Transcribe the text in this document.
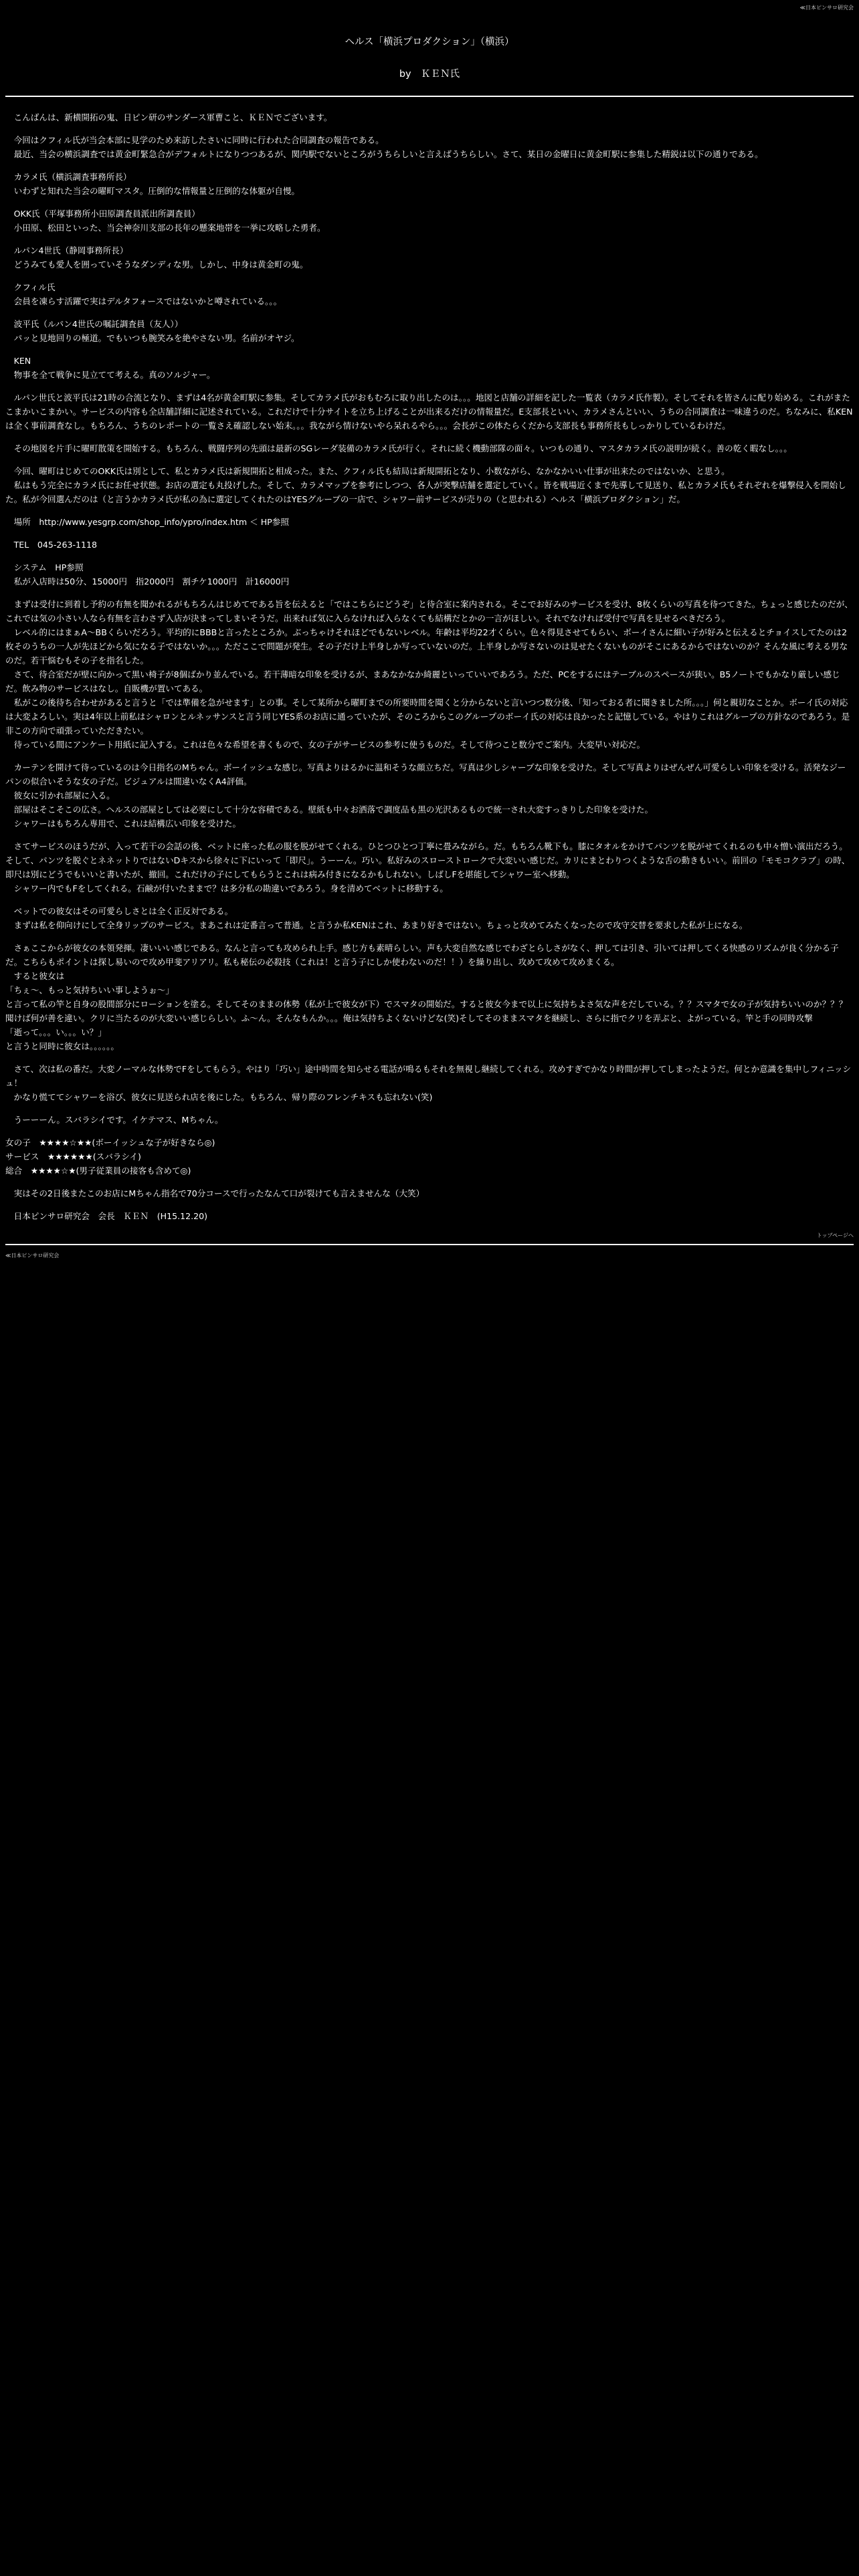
≪日本ピンサロ研究会
ヘルス「横浜プロダクション」（横浜）
by　ＫＥＮ氏

　こんばんは、新横開拓の鬼、日ピン研のサンダース軍曹こと、ＫＥＮでございます。

　今回はクフィル氏が当会本部に見学のため来訪したさいに同時に行われた合同調査の報告である。
　最近、当会の横浜調査では黄金町緊急合がデフォルトになりつつあるが、関内駅でないところがうちらしいと言えばうちらしい。さて、某日の金曜日に黄金町駅に参集した精鋭は以下の通りである。

　カラメ氏（横浜調査事務所長）
　いわずと知れた当会の曜町マスタ。圧倒的な情報量と圧倒的な体躯が自慢。

　OKK氏（平塚事務所小田原調査員派出所調査員）
　小田原、松田といった、当会神奈川支部の長年の懸案地帯を一挙に攻略した勇者。

　ルパン4世氏（静岡事務所長）
　どうみても愛人を囲っていそうなダンディな男。しかし、中身は黄金町の鬼。

　クフィル氏
　会員を凍らす活躍で実はデルタフォースではないかと噂されている。。。

　波平氏（ルパン4世氏の嘱託調査員（友人））
　パッと見地回りの極道。でもいつも腕笑みを絶やさない男。名前がオヤジ。

　KEN
　物事を全て戦争に見立てて考える。真のソルジャー。

　ルパン世氏と波平氏は21時の合流となり、まずは4名が黄金町駅に参集。そしてカラメ氏がおもむろに取り出したのは。。。地図と店舗の詳細を記した一覧表（カラメ氏作製）。そしてそれを皆さんに配り始める。これがまたこまかいこまかい。サービスの内容も全店舗詳細に記述されている。これだけで十分サイトを立ち上げることが出来るだけの情報量だ。E支部長といい、カラメさんといい、うちの合同調査は一味違うのだ。ちなみに、私KENは全く事前調査なし。もちろん、うちのレポートの一覧さえ確認しない始末。。。我ながら情けないやら呆れるやら。。。会長がこの体たらくだから支部長も事務所長もしっかりしているわけだ。

　その地図を片手に曜町散策を開始する。もちろん、戦闘序列の先頭は最新のSGレーダ装備のカラメ氏が行く。それに続く機動部隊の面々。いつもの通り、マスタカラメ氏の説明が続く。善の乾く暇なし。。。

　今回、曜町はじめてのOKK氏は別として、私とカラメ氏は新規開拓と相成った。また、クフィル氏も結局は新規開拓となり、小数ながら、なかなかいい仕事が出来たのではないか、と思う。
　私はもう完全にカラメ氏にお任せ状態。お店の選定も丸投げした。そして、カラメマップを参考にしつつ、各人が突撃店舗を選定していく。皆を戦場近くまで先導して見送り、私とカラメ氏もそれぞれを爆撃侵入を開始した。私が今回選んだのは（と言うかカラメ氏が私の為に選定してくれたのはYESグループの一店で、シャワー前サービスが売りの（と思われる）ヘルス「横浜プロダクション」だ。

　場所　http://www.yesgrp.com/shop_info/ypro/index.htm ＜ HP参照

　TEL　045-263-1118

　システム　HP参照
　私が入店時は50分、15000円　指2000円　割チケ1000円　計16000円

　まずは受付に到着し予約の有無を聞かれるがもちろんはじめてである旨を伝えると「ではこちらにどうぞ」と待合室に案内される。そこでお好みのサービスを受け、8枚くらいの写真を待つてきた。ちょっと感じたのだが、これでは気の小さい人なら有無を言わさず入店が決まってしまいそうだ。出来れば気に入らなければ入らなくても結構だとかの一言がほしい。それでなければ受付で写真を見せるべきだろう。
　レベル的にはまぁA〜BBくらいだろう。平均的にBBBと言ったところか。ぶっちゃけそれほどでもないレベル。年齢は平均22才くらい。色々得見させてもらい、ボーイさんに細い子が好みと伝えるとチョイスしてたのは2枚そのうちの一人が先ほどから気になる子ではないか。。。ただここで問題が発生。その子だけ上半身しか写っていないのだ。上半身しか写さないのは見せたくないものがそこにあるからではないのか？そんな風に考える男なのだ。若干悩むもその子を指名した。
　さて、待合室だが壁に向かって黒い椅子が8個ばかり並んでいる。若干薄暗な印象を受けるが、まあなかなか綺麗といっていいであろう。ただ、PCをするにはテーブルのスペースが狭い。B5ノートでもかなり厳しい感じだ。飲み物のサービスはなし。自販機が置いてある。
　私がこの後待ち合わせがあると言うと「では準備を急がせます」との事。そして某所から曜町までの所要時間を聞くと分からないと言いつつ数分後、「知っておる者に聞きました所。。。」何と親切なことか。ボーイ氏の対応は大変よろしい。実は4年以上前私はシャロンとルネッサンスと言う同じYES系のお店に通っていたが、そのころからこのグループのボーイ氏の対応は良かったと記憶している。やはりこれはグループの方針なのであろう。是非この方向で頑張っていただきたい。
　待っている間にアンケート用紙に記入する。これは色々な希望を書くもので、女の子がサービスの参考に使うものだ。そして待つこと数分でご案内。大変早い対応だ。

　カーテンを開けて待っているのは今日指名のMちゃん。ボーイッシュな感じ。写真よりはるかに温和そうな顔立ちだ。写真は少しシャープな印象を受けた。そして写真よりはぜんぜん可愛らしい印象を受ける。活発なジーパンの似合いそうな女の子だ。ビジュアルは間違いなくA4評価。
　彼女に引かれ部屋に入る。
　部屋はそこそこの広さ。ヘルスの部屋としては必要にして十分な容積である。壁紙も中々お洒落で調度品も黒の光沢あるもので統一され大変すっきりした印象を受けた。
　シャワーはもちろん専用で、これは結構広い印象を受けた。

　さてサービスのほうだが、入って若干の会話の後、ベットに座った私の服を脱がせてくれる。ひとつひとつ丁寧に畳みながら。だ。もちろん靴下も。膝にタオルをかけてパンツを脱がせてくれるのも中々憎い演出だろう。そして、パンツを脱ぐとネネットりではないDキスから徐々に下にいって「即尺」。うーーん。巧い。私好みのスローストロークで大変いい感じだ。カリにまとわりつくような舌の動きもいい。前回の「モモコクラブ」の時、即尺は別にどうでもいいと書いたが、撤回。これだけの子にしてもらうとこれは病み付きになるかもしれない。しばしFを堪能してシャワー室へ移動。
　シャワー内でもFをしてくれる。石鹸が付いたままで？は多分私の勘違いであろう。身を清めてベットに移動する。

　ベットでの彼女はその可愛らしさとは全く正反対である。
　まずは私を仰向けにして全身リップのサービス。まあこれは定番言って普通。と言うか私KENはこれ、あまり好きではない。ちょっと攻めてみたくなったので攻守交替を要求した私が上になる。

　さぁここからが彼女の本領発揮。凄いいい感じである。なんと言っても攻められ上手。感じ方も素晴らしい。声も大変自然な感じでわざとらしさがなく、押しては引き、引いては押してくる快感のリズムが良く分かる子だ。こちらもポイントは探し易いので攻め甲斐アリアリ。私も秘伝の必殺技（これは！と言う子にしか使わないのだ！！）を繰り出し、攻めて攻めて攻めまくる。
　すると彼女は
「ちぇ〜、もっと気持ちいい事しようぉ〜」
と言って私の竿と自身の股間部分にローションを塗る。そしてそのままの体勢（私が上で彼女が下）でスマタの開始だ。すると彼女今まで以上に気持ちよさ気な声をだしている。？？スマタで女の子が気持ちいいのか？？？聞けば何が善を違い。クリに当たるのが大変いい感じらしい。ふ〜ん。そんなもんか。。。俺は気持ちよくないけどな(笑)そしてそのままスマタを継続し、さらに指でクリを弄ぶと、よがっている。竿と手の同時攻撃
「逝って。。。い。。。い？」
と言うと同時に彼女は。。。。。。

　さて、次は私の番だ。大変ノーマルな体勢でFをしてもらう。やはり「巧い」途中時間を知らせる電話が鳴るもそれを無視し継続してくれる。攻めすぎでかなり時間が押してしまったようだ。何とか意識を集中しフィニッシュ！
　かなり慌ててシャワーを浴び、彼女に見送られ店を後にした。もちろん、帰り際のフレンチキスも忘れない(笑)

　うーーーん。スバラシイです。イケテマス、Mちゃん。

女の子　★★★★☆★★(ボーイッシュな子が好きなら◎)
サービス　★★★★★★(スバラシイ)
総合　★★★★☆★(男子従業員の接客も含めて◎)

　実はその2日後またこのお店にMちゃん指名で70分コースで行ったなんて口が裂けても言えませんな（大笑）

　日本ピンサロ研究会　会長　ＫＥＮ　(H15.12.20)

トップページへ
≪日本ピンサロ研究会
